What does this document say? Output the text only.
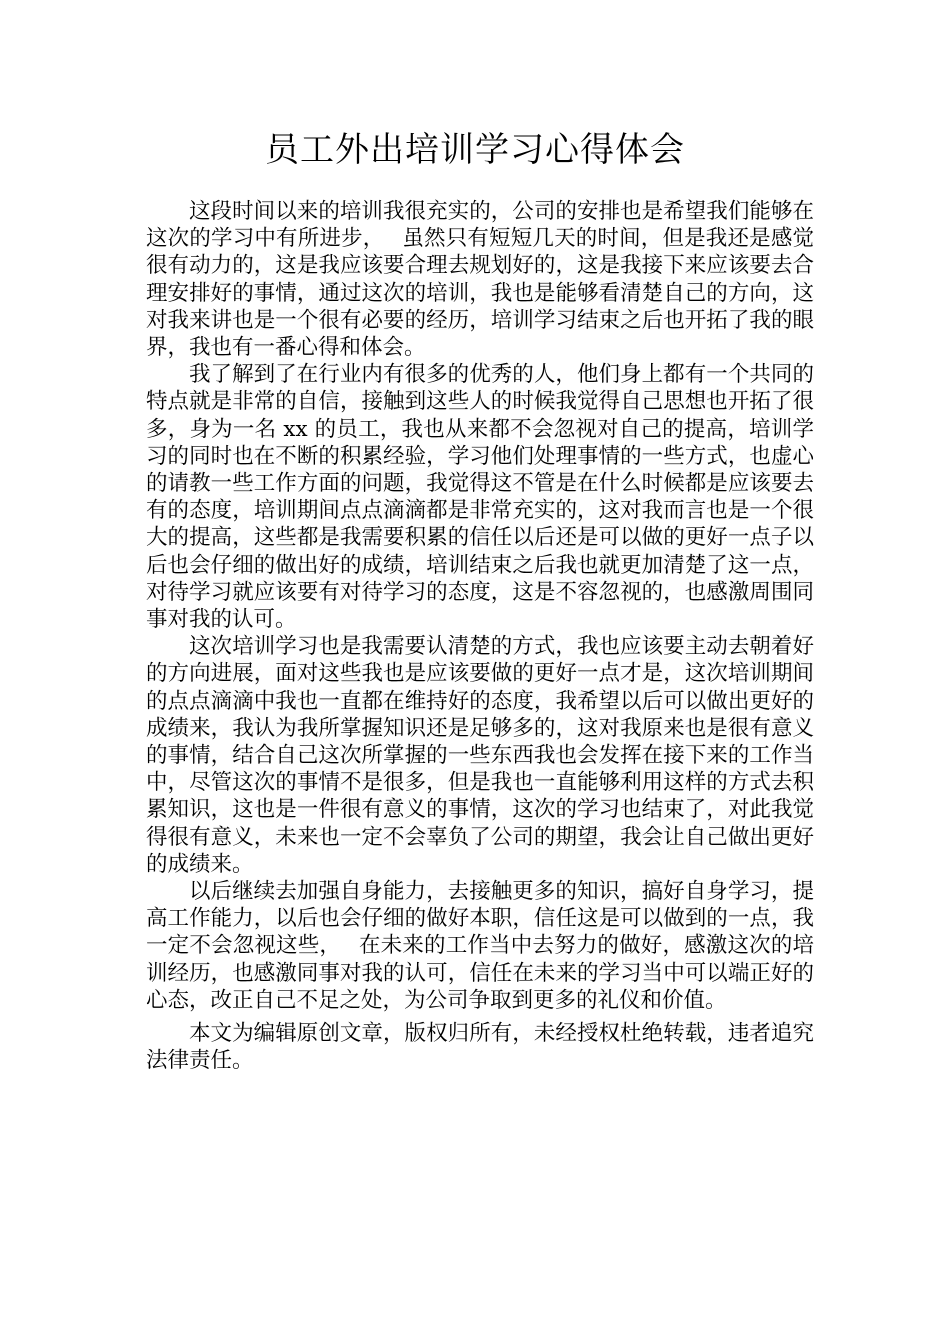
员工外出培训学习心得体会

这段时间以来的培训我很充实的，公司的安排也是希望我们能够在这次的学习中有所进步，　 虽然只有短短几天的时间，但是我还是感觉很有动力的，这是我应该要合理去规划好的，这是我接下来应该要去合理安排好的事情，通过这次的培训，我也是能够看清楚自己的方向，这对我来讲也是一个很有必要的经历，培训学习结束之后也开拓了我的眼界，我也有一番心得和体会。

我了解到了在行业内有很多的优秀的人，他们身上都有一个共同的特点就是非常的自信，接触到这些人的时候我觉得自己思想也开拓了很多，身为一名 xx 的员工，我也从来都不会忽视对自己的提高，培训学习的同时也在不断的积累经验，学习他们处理事情的一些方式，也虚心的请教一些工作方面的问题，我觉得这不管是在什么时候都是应该要去有的态度，培训期间点点滴滴都是非常充实的，这对我而言也是一个很大的提高，这些都是我需要积累的信任以后还是可以做的更好一点子以后也会仔细的做出好的成绩，培训结束之后我也就更加清楚了这一点，对待学习就应该要有对待学习的态度，这是不容忽视的，也感激周围同事对我的认可。

这次培训学习也是我需要认清楚的方式，我也应该要主动去朝着好的方向进展，面对这些我也是应该要做的更好一点才是，这次培训期间的点点滴滴中我也一直都在维持好的态度，我希望以后可以做出更好的成绩来，我认为我所掌握知识还是足够多的，这对我原来也是很有意义的事情，结合自己这次所掌握的一些东西我也会发挥在接下来的工作当中，尽管这次的事情不是很多，但是我也一直能够利用这样的方式去积累知识，这也是一件很有意义的事情，这次的学习也结束了，对此我觉得很有意义，未来也一定不会辜负了公司的期望，我会让自己做出更好的成绩来。

以后继续去加强自身能力，去接触更多的知识，搞好自身学习，提高工作能力，以后也会仔细的做好本职，信任这是可以做到的一点，我一定不会忽视这些，　 在未来的工作当中去努力的做好，感激这次的培训经历，也感激同事对我的认可，信任在未来的学习当中可以端正好的心态，改正自己不足之处，为公司争取到更多的礼仪和价值。

本文为编辑原创文章，版权归所有，未经授权杜绝转载，违者追究法律责任。
